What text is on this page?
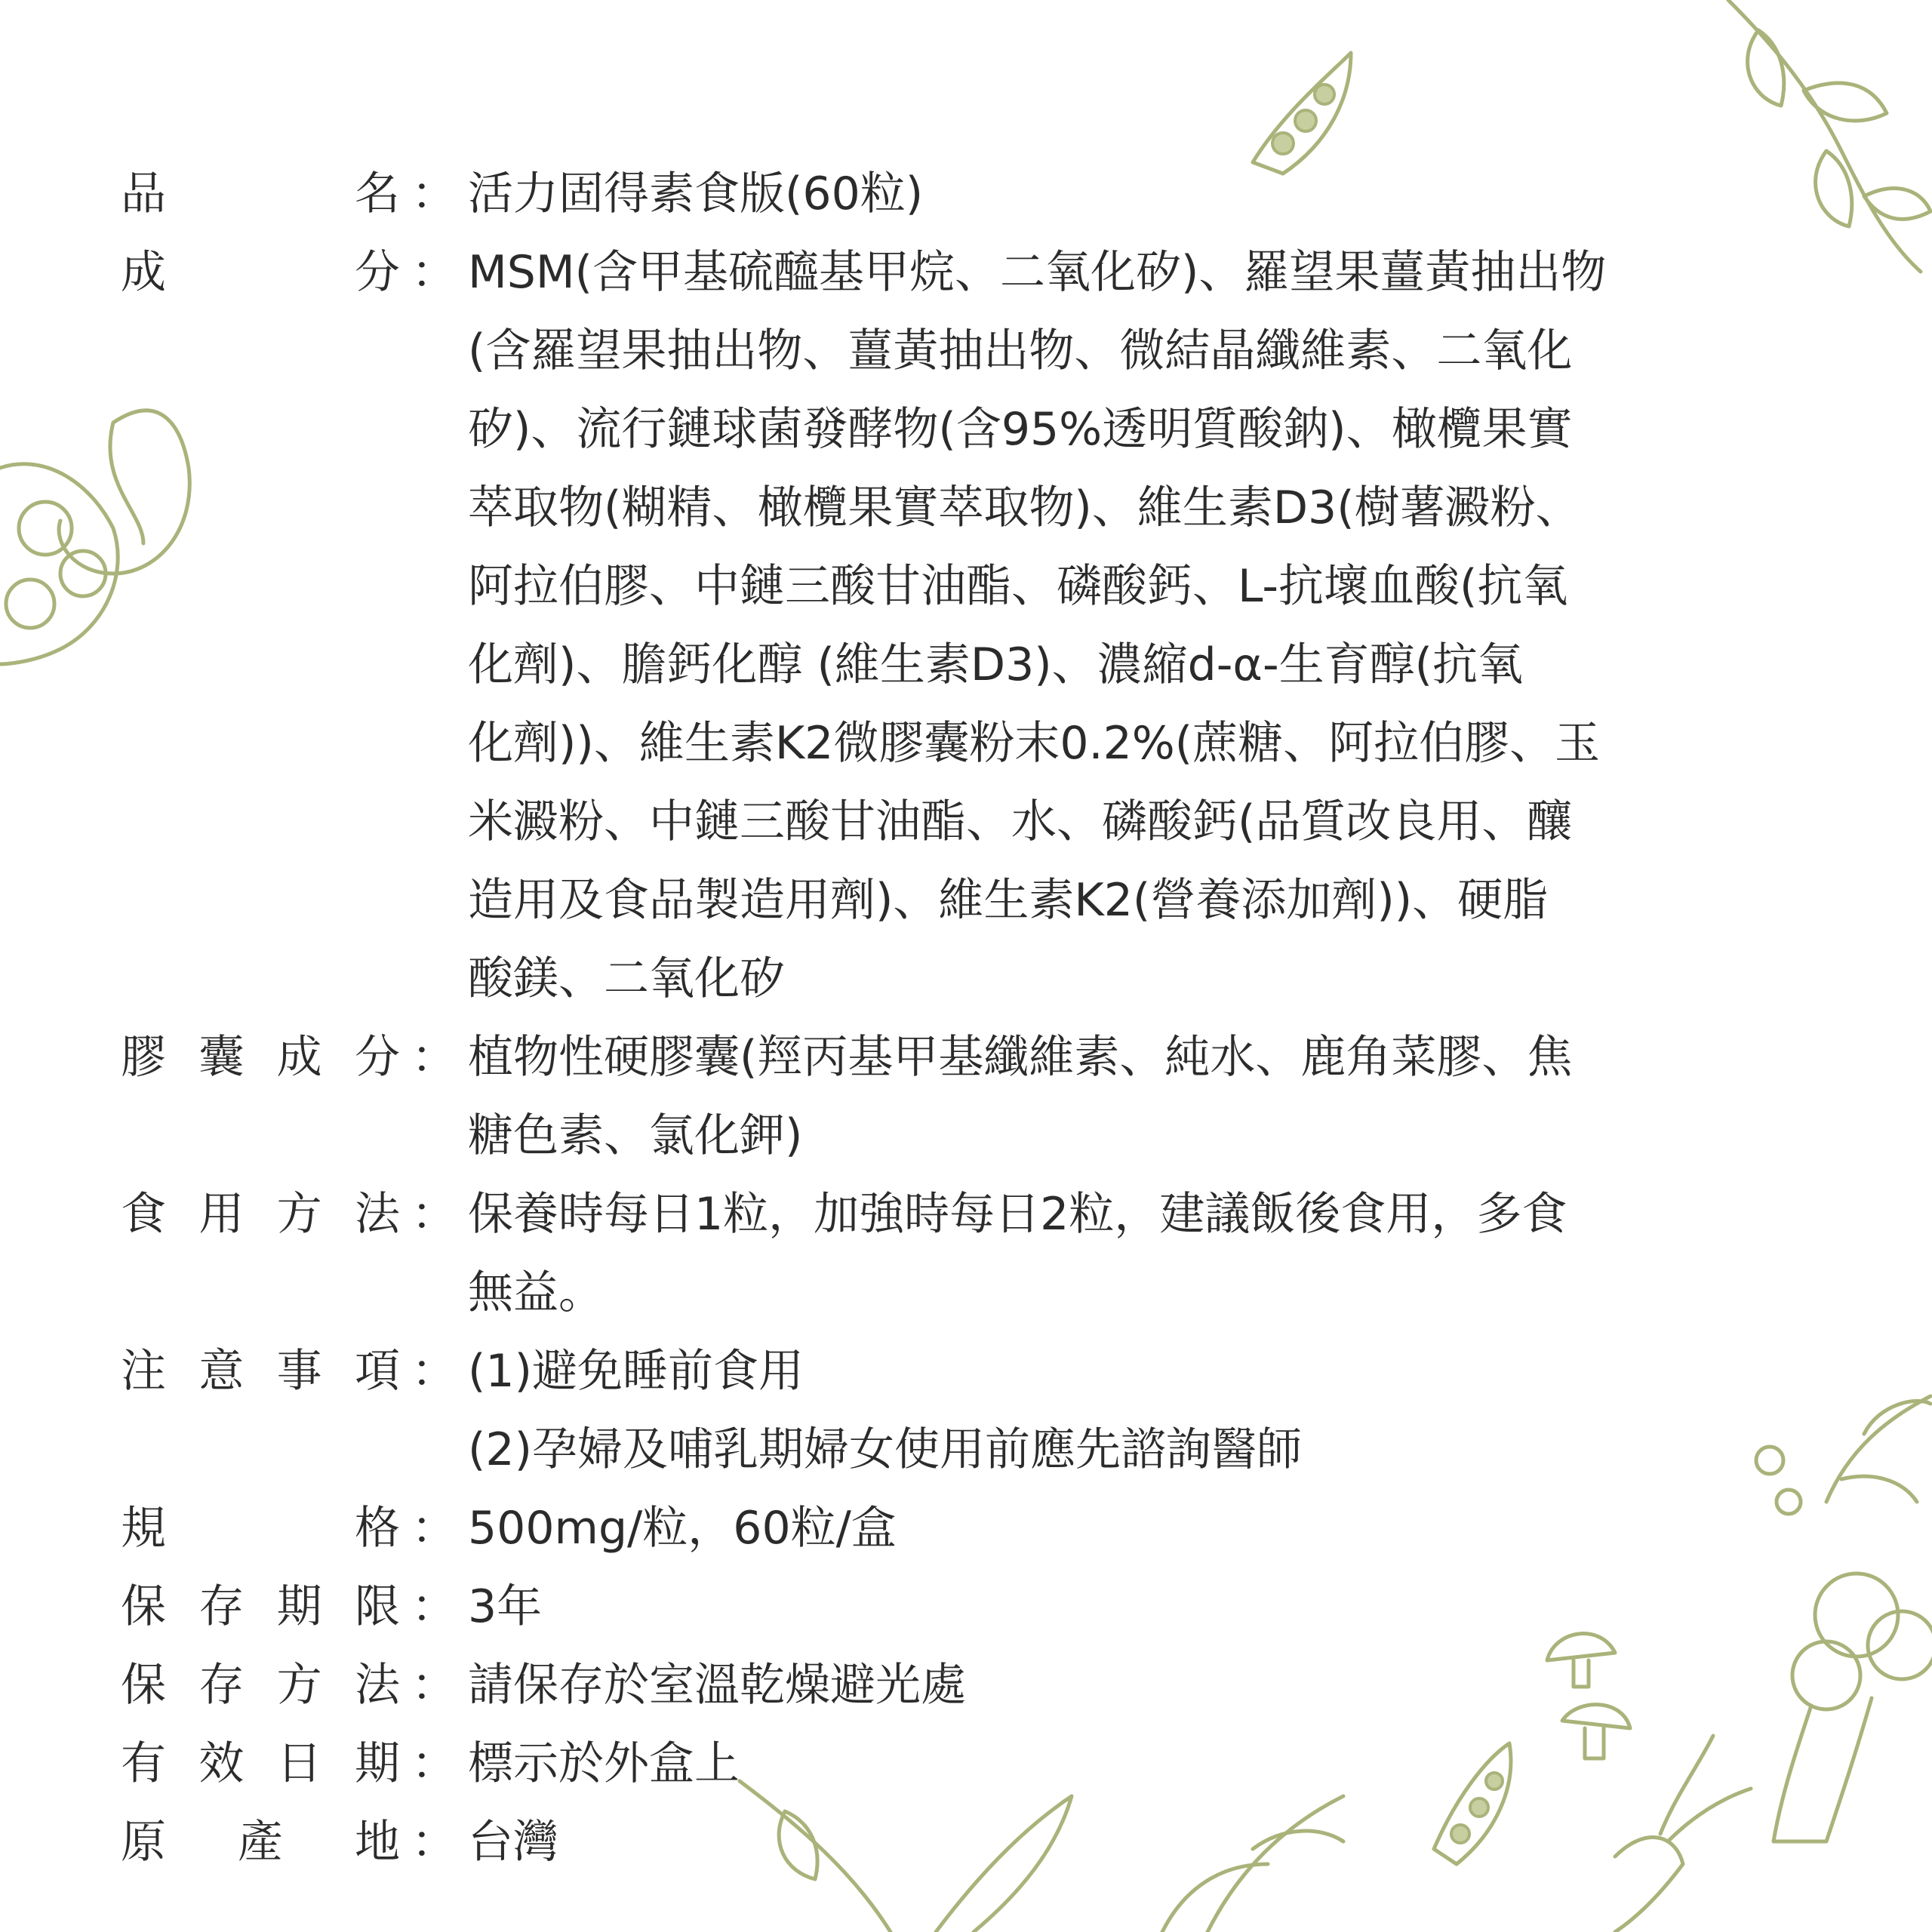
品	名 ： 活力固得素食版(60粒)
成	分 ： MSM(含甲基硫醯基甲烷、二氧化矽)、羅望果薑黃抽出物
(含羅望果抽出物、薑黃抽出物、微結晶纖維素、二氧化
矽)、流行鏈球菌發酵物(含95%透明質酸鈉)、橄欖果實
萃取物(糊精、橄欖果實萃取物)、維生素D3(樹薯澱粉、
阿拉伯膠、中鏈三酸甘油酯、磷酸鈣、L-抗壞血酸(抗氧
化劑)、膽鈣化醇 (維生素D3)、濃縮d-α-生育醇(抗氧
化劑))、維生素K2微膠囊粉末0.2%(蔗糖、阿拉伯膠、玉
米澱粉、中鏈三酸甘油酯、水、磷酸鈣(品質改良用、釀
造用及食品製造用劑)、維生素K2(營養添加劑))、硬脂
酸鎂、二氧化矽
膠 囊 成 分 ： 植物性硬膠囊(羥丙基甲基纖維素、純水、鹿角菜膠、焦
糖色素、氯化鉀)
食 用 方 法 ： 保養時每日1粒，加強時每日2粒，建議飯後食用，多食
無益。
注 意 事 項 ： (1)避免睡前食用
(2)孕婦及哺乳期婦女使用前應先諮詢醫師
規	格 ： 500mg/粒，60粒/盒
保 存 期 限 ： 3年
保 存 方 法 ： 請保存於室溫乾燥避光處
有 效 日 期 ： 標示於外盒上
原 產 地 ： 台灣
